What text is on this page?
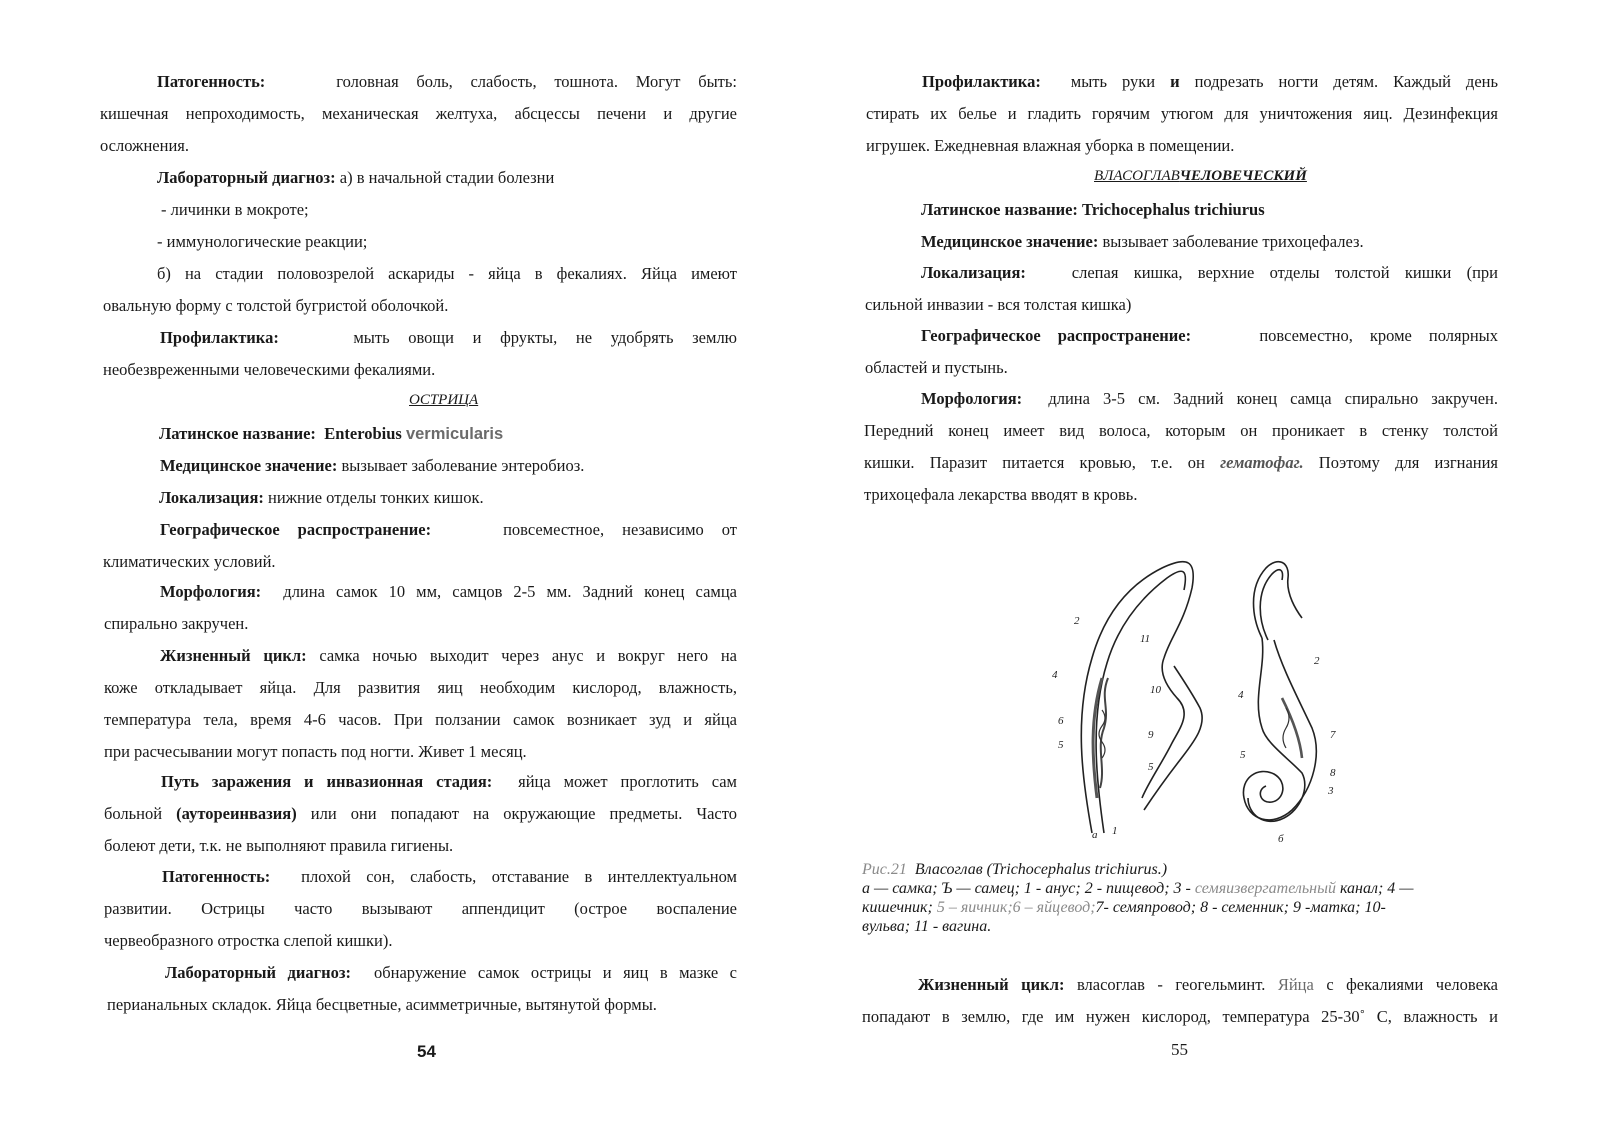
Патогенность:	головная боль, слабость, тошнота. Могут быть:

кишечная непроходимость, механическая желтуха, абсцессы печени и другие

осложнения.

Лабораторный диагноз: а) в начальной стадии болезни

- личинки в мокроте;

- иммунологические реакции;

б) на стадии половозрелой аскариды - яйца в фекалиях. Яйца имеют

овальную форму с толстой бугристой оболочкой.

Профилактика:	мыть овощи и фрукты, не удобрять землю

необезвреженными человеческими фекалиями.

ОСТРИЦА

Латинское название: Enterobius vermicularis

Медицинское значение: вызывает заболевание энтеробиоз.

Локализация: нижние отделы тонких кишок.

Географическое распространение:	повсеместное, независимо от

климатических условий.

Морфология: длина самок 10 мм, самцов 2-5 мм. Задний конец самца

спирально закручен.

Жизненный цикл: самка ночью выходит через анус и вокруг него на

коже откладывает яйца. Для развития яиц необходим кислород, влажность,

температура тела, время 4-6 часов. При ползании самок возникает зуд и яйца

при расчесывании могут попасть под ногти. Живет 1 месяц.

Путь заражения и инвазионная стадия: яйца может проглотить сам

больной (аутореинвазия) или они попадают на окружающие предметы. Часто

болеют дети, т.к. не выполняют правила гигиены.

Патогенность: плохой сон, слабость, отставание в интеллектуальном

развитии. Острицы часто вызывают аппендицит (острое воспаление

червеобразного отростка слепой кишки).

Лабораторный диагноз: обнаружение самок острицы и яиц в мазке с

перианальных складок. Яйца бесцветные, асимметричные, вытянутой формы.

54

Профилактика: мыть руки и подрезать ногти детям. Каждый день

стирать их белье и гладить горячим утюгом для уничтожения яиц. Дезинфекция

игрушек. Ежедневная влажная уборка в помещении.

ВЛАСОГЛАВЧЕЛОВЕЧЕСКИЙ

Латинское название: Trichocephalus trichiurus

Медицинское значение: вызывает заболевание трихоцефалез.

Локализация:	слепая кишка, верхние отделы толстой кишки (при

сильной инвазии - вся толстая кишка)

Географическое распространение:	повсеместно, кроме полярных

областей и пустынь.

Морфология: длина 3-5 см. Задний конец самца спирально закручен.

Передний конец имеет вид волоса, которым он проникает в стенку толстой

кишки. Паразит питается кровью, т.е. он гематофаг. Поэтому для изгнания

трихоцефала лекарства вводят в кровь.

2
11
4
10
6
5
9
5
a 1
2
4
7
5
8
3
б
Рис.21 Власоглав (Trichocephalus trichiurus.)
а — самка; Ъ — самец; 1 - анус; 2 - пищевод; 3 - семяизвергательный канал; 4 —
кишечник; 5 – яичник;6 – яйцевод;7- семяпровод; 8 - семенник; 9 -матка; 10-
вульва; 11 - вагина.

Жизненный цикл: власоглав - геогельминт. Яйца с фекалиями человека

попадают в землю, где им нужен кислород, температура 25-30˚ С, влажность и

55
